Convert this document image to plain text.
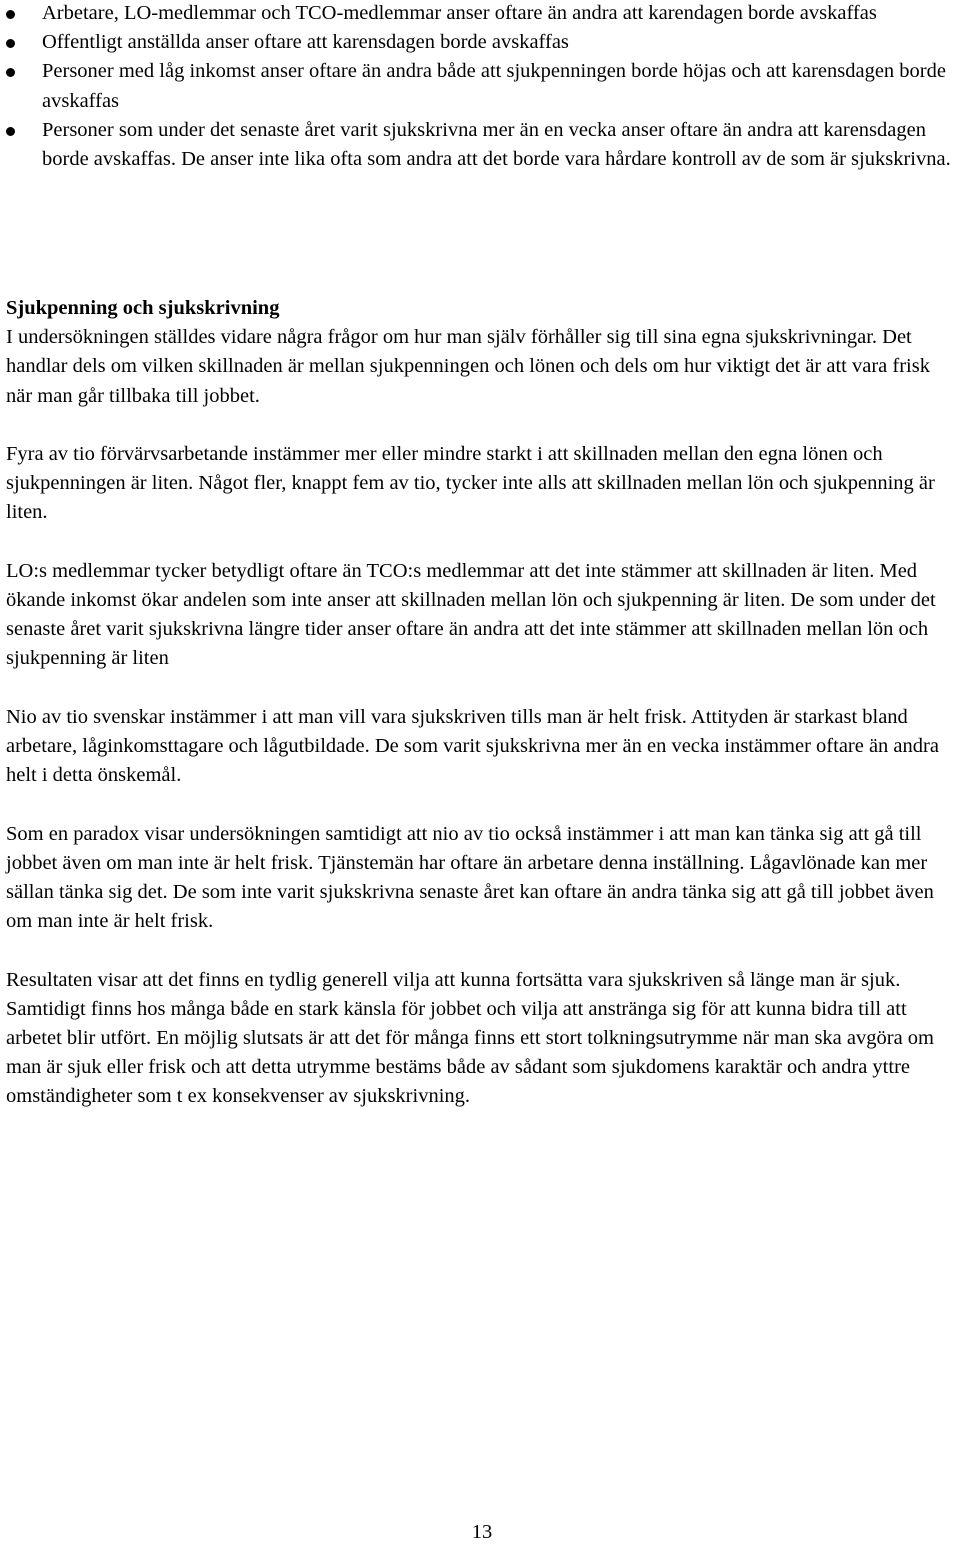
Arbetare, LO-medlemmar och TCO-medlemmar anser oftare än andra att karendagen borde avskaffas
Offentligt anställda anser oftare att karensdagen borde avskaffas
Personer med låg inkomst anser oftare än andra både att sjukpenningen borde höjas och att karensdagen borde avskaffas
Personer som under det senaste året varit sjukskrivna mer än en vecka anser oftare än andra att karensdagen borde avskaffas. De anser inte lika ofta som andra att det borde vara hårdare kontroll av de som är sjukskrivna.

Sjukpenning och sjukskrivning

I undersökningen ställdes vidare några frågor om hur man själv förhåller sig till sina egna sjukskrivningar. Det handlar dels om vilken skillnaden är mellan sjukpenningen och lönen och dels om hur viktigt det är att vara frisk när man går tillbaka till jobbet.

Fyra av tio förvärvsarbetande instämmer mer eller mindre starkt i att skillnaden mellan den egna lönen och sjukpenningen är liten. Något fler, knappt fem av tio, tycker inte alls att skillnaden mellan lön och sjukpenning är liten.

LO:s medlemmar tycker betydligt oftare än TCO:s medlemmar att det inte stämmer att skillnaden är liten. Med ökande inkomst ökar andelen som inte anser att skillnaden mellan lön och sjukpenning är liten. De som under det senaste året varit sjukskrivna längre tider anser oftare än andra att det inte stämmer att skillnaden mellan lön och sjukpenning är liten

Nio av tio svenskar instämmer i att man vill vara sjukskriven tills man är helt frisk. Attityden är starkast bland arbetare, låginkomsttagare och lågutbildade. De som varit sjukskrivna mer än en vecka instämmer oftare än andra helt i detta önskemål.

Som en paradox visar undersökningen samtidigt att nio av tio också instämmer i att man kan tänka sig att gå till jobbet även om man inte är helt frisk. Tjänstemän har oftare än arbetare denna inställning. Lågavlönade kan mer sällan tänka sig det. De som inte varit sjukskrivna senaste året kan oftare än andra tänka sig att gå till jobbet även om man inte är helt frisk.

Resultaten visar att det finns en tydlig generell vilja att kunna fortsätta vara sjukskriven så länge man är sjuk. Samtidigt finns hos många både en stark känsla för jobbet och vilja att anstränga sig för att kunna bidra till att arbetet blir utfört. En möjlig slutsats är att det för många finns ett stort tolkningsutrymme när man ska avgöra om man är sjuk eller frisk och att detta utrymme bestäms både av sådant som sjukdomens karaktär och andra yttre omständigheter som t ex konsekvenser av sjukskrivning.

13
